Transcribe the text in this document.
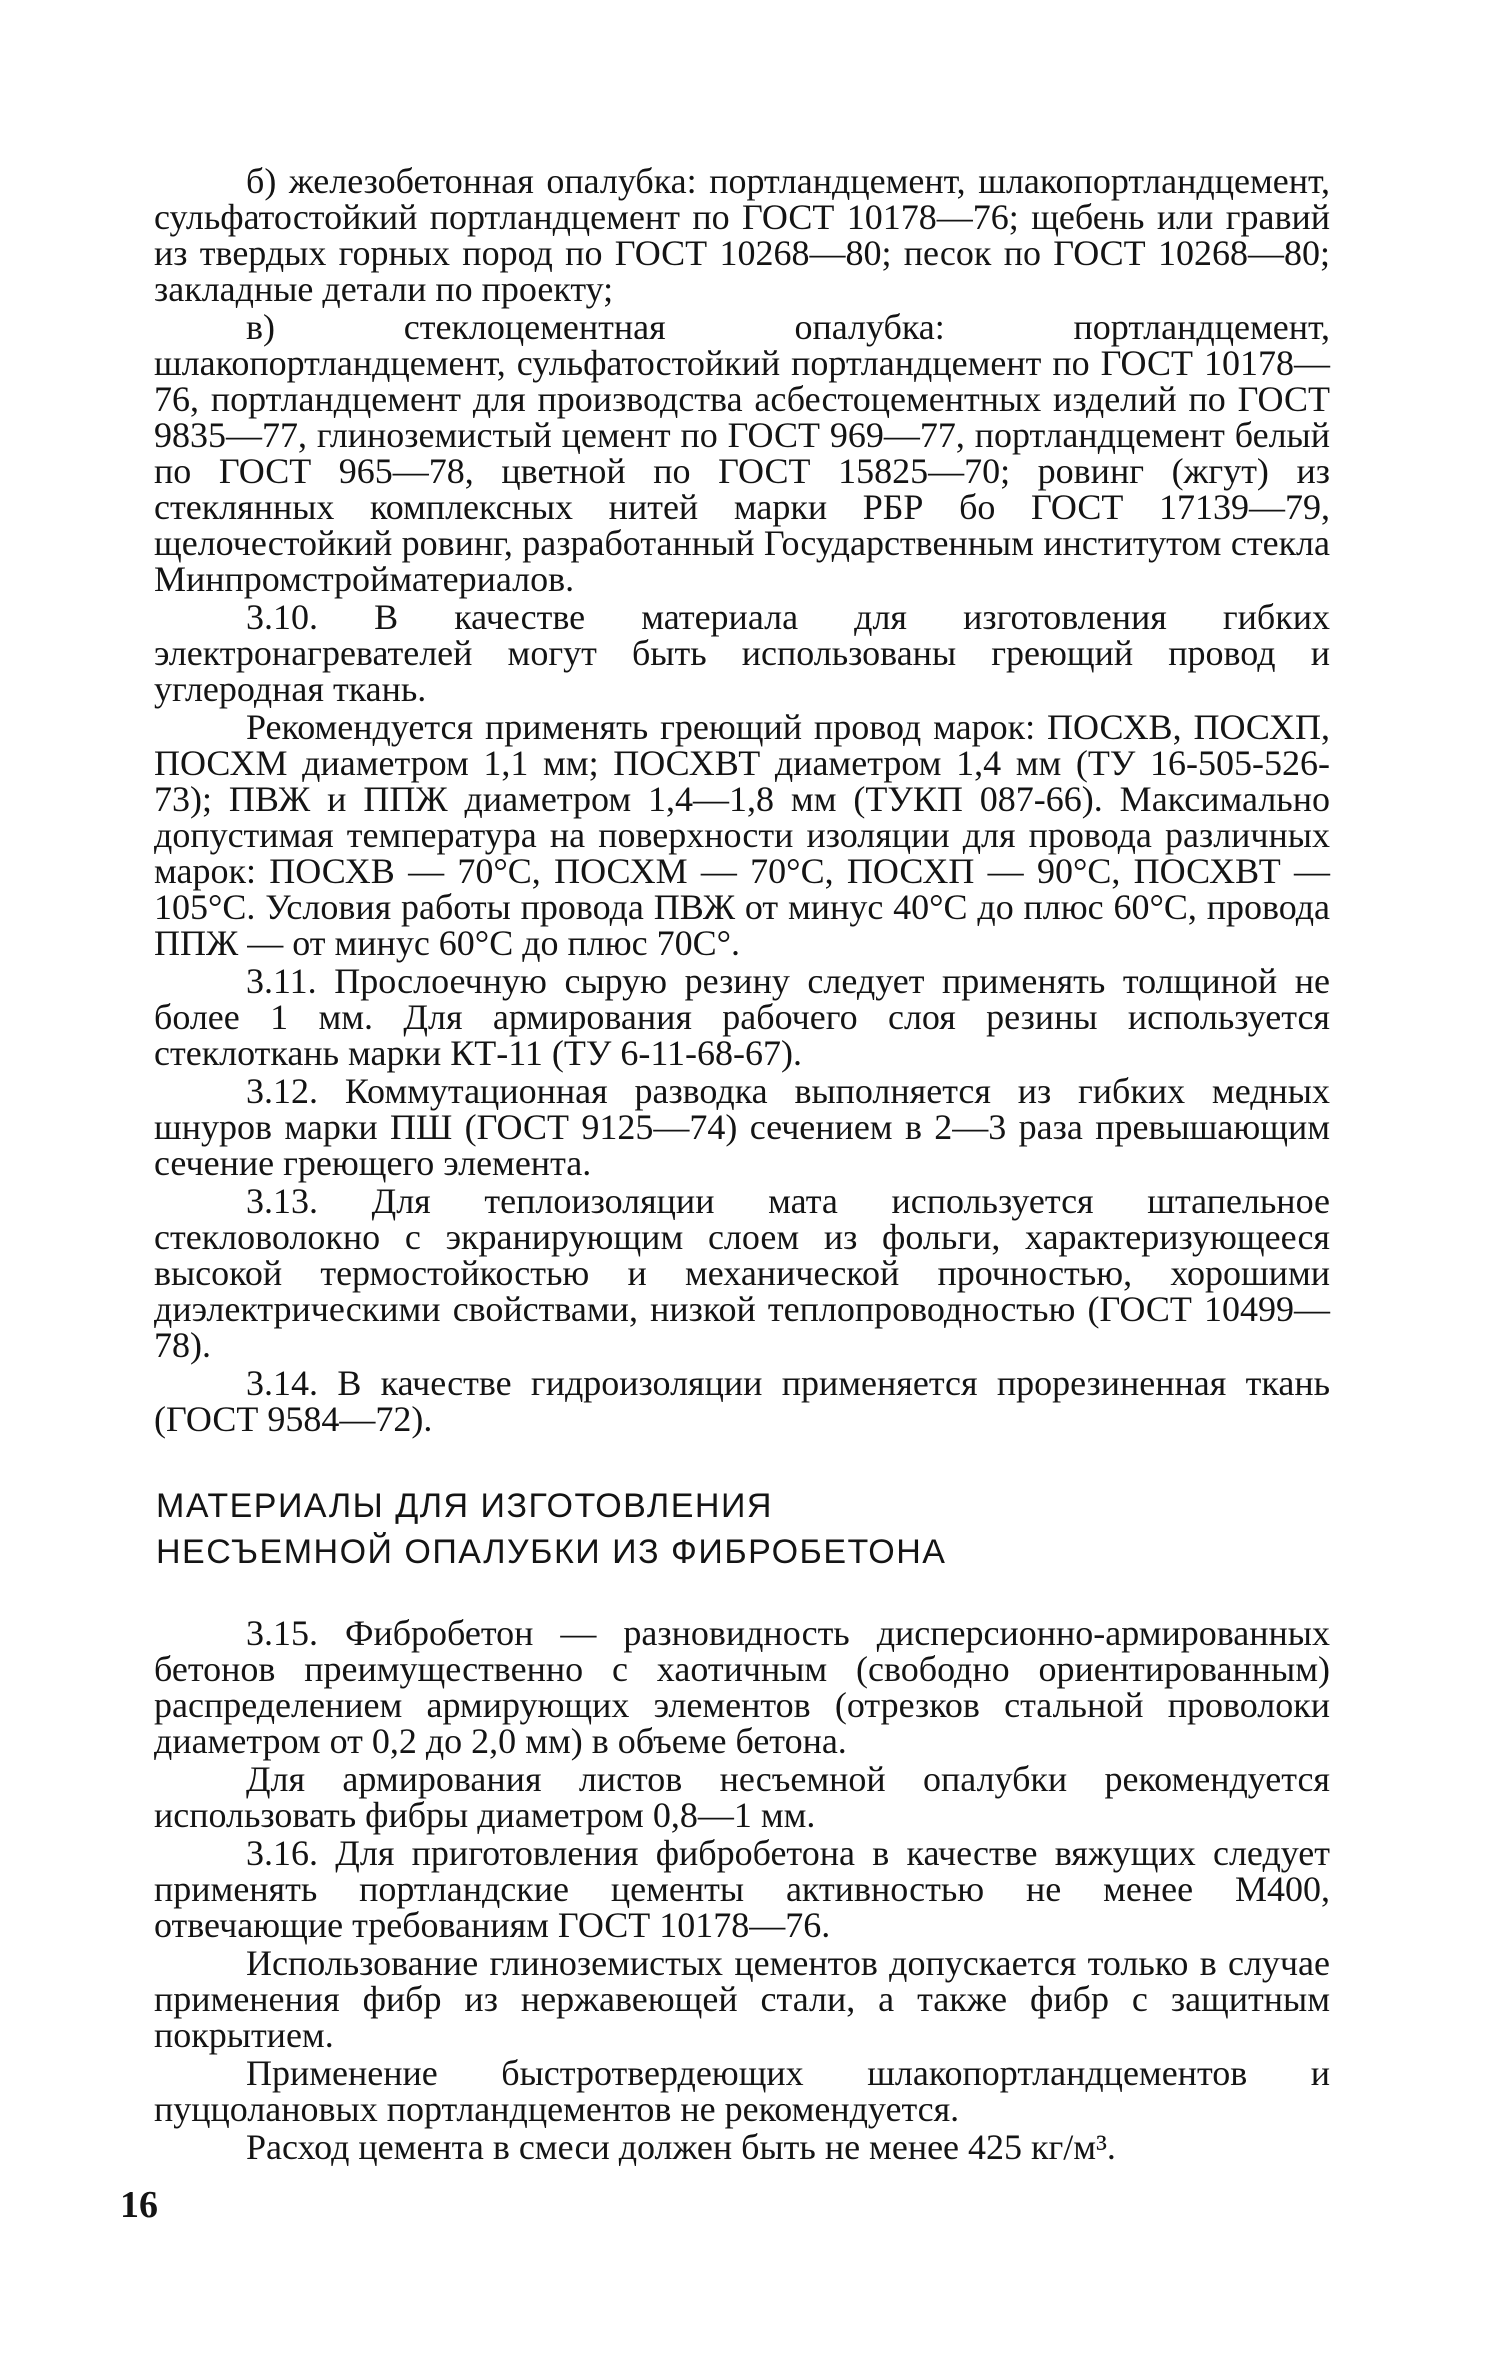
б) железобетонная опалубка: портландцемент, шлакопортландцемент, сульфатостойкий портландцемент по ГОСТ 10178—76; щебень или гравий из твердых горных пород по ГОСТ 10268—80; песок по ГОСТ 10268—80; закладные детали по проекту;

в) стеклоцементная опалубка: портландцемент, шлакопортландцемент, сульфатостойкий портландцемент по ГОСТ 10178—76, портландцемент для производства асбестоцементных изделий по ГОСТ 9835—77, глиноземистый цемент по ГОСТ 969—77, портландцемент белый по ГОСТ 965—78, цветной по ГОСТ 15825—70; ровинг (жгут) из стеклянных комплексных нитей марки РБР бо ГОСТ 17139—79, щелочестойкий ровинг, разработанный Государственным институтом стекла Минпромстройматериалов.

3.10. В качестве материала для изготовления гибких электронагревателей могут быть использованы греющий провод и углеродная ткань.

Рекомендуется применять греющий провод марок: ПОСХВ, ПОСХП, ПОСХМ диаметром 1,1 мм; ПОСХВТ диаметром 1,4 мм (ТУ 16-505-526-73); ПВЖ и ППЖ диаметром 1,4—1,8 мм (ТУКП 087-66). Максимально допустимая температура на поверхности изоляции для провода различных марок: ПОСХВ — 70°С, ПОСХМ — 70°С, ПОСХП — 90°С, ПОСХВТ — 105°С. Условия работы провода ПВЖ от минус 40°С до плюс 60°С, провода ППЖ — от минус 60°С до плюс 70С°.

3.11. Прослоечную сырую резину следует применять толщиной не более 1 мм. Для армирования рабочего слоя резины используется стеклоткань марки КТ-11 (ТУ 6-11-68-67).

3.12. Коммутационная разводка выполняется из гибких медных шнуров марки ПШ (ГОСТ 9125—74) сечением в 2—3 раза превышающим сечение греющего элемента.

3.13. Для теплоизоляции мата используется штапельное стекловолокно с экранирующим слоем из фольги, характеризующееся высокой термостойкостью и механической прочностью, хорошими диэлектрическими свойствами, низкой теплопроводностью (ГОСТ 10499—78).

3.14. В качестве гидроизоляции применяется прорезиненная ткань (ГОСТ 9584—72).

МАТЕРИАЛЫ ДЛЯ ИЗГОТОВЛЕНИЯ
НЕСЪЕМНОЙ ОПАЛУБКИ ИЗ ФИБРОБЕТОНА

3.15. Фибробетон — разновидность дисперсионно-армированных бетонов преимущественно с хаотичным (свободно ориентированным) распределением армирующих элементов (отрезков стальной проволоки диаметром от 0,2 до 2,0 мм) в объеме бетона.

Для армирования листов несъемной опалубки рекомендуется использовать фибры диаметром 0,8—1 мм.

3.16. Для приготовления фибробетона в качестве вяжущих следует применять портландские цементы активностью не менее М400, отвечающие требованиям ГОСТ 10178—76.

Использование глиноземистых цементов допускается только в случае применения фибр из нержавеющей стали, а также фибр с защитным покрытием.

Применение быстротвердеющих шлакопортландцементов и пуццолановых портландцементов не рекомендуется.

Расход цемента в смеси должен быть не менее 425 кг/м³.

16
